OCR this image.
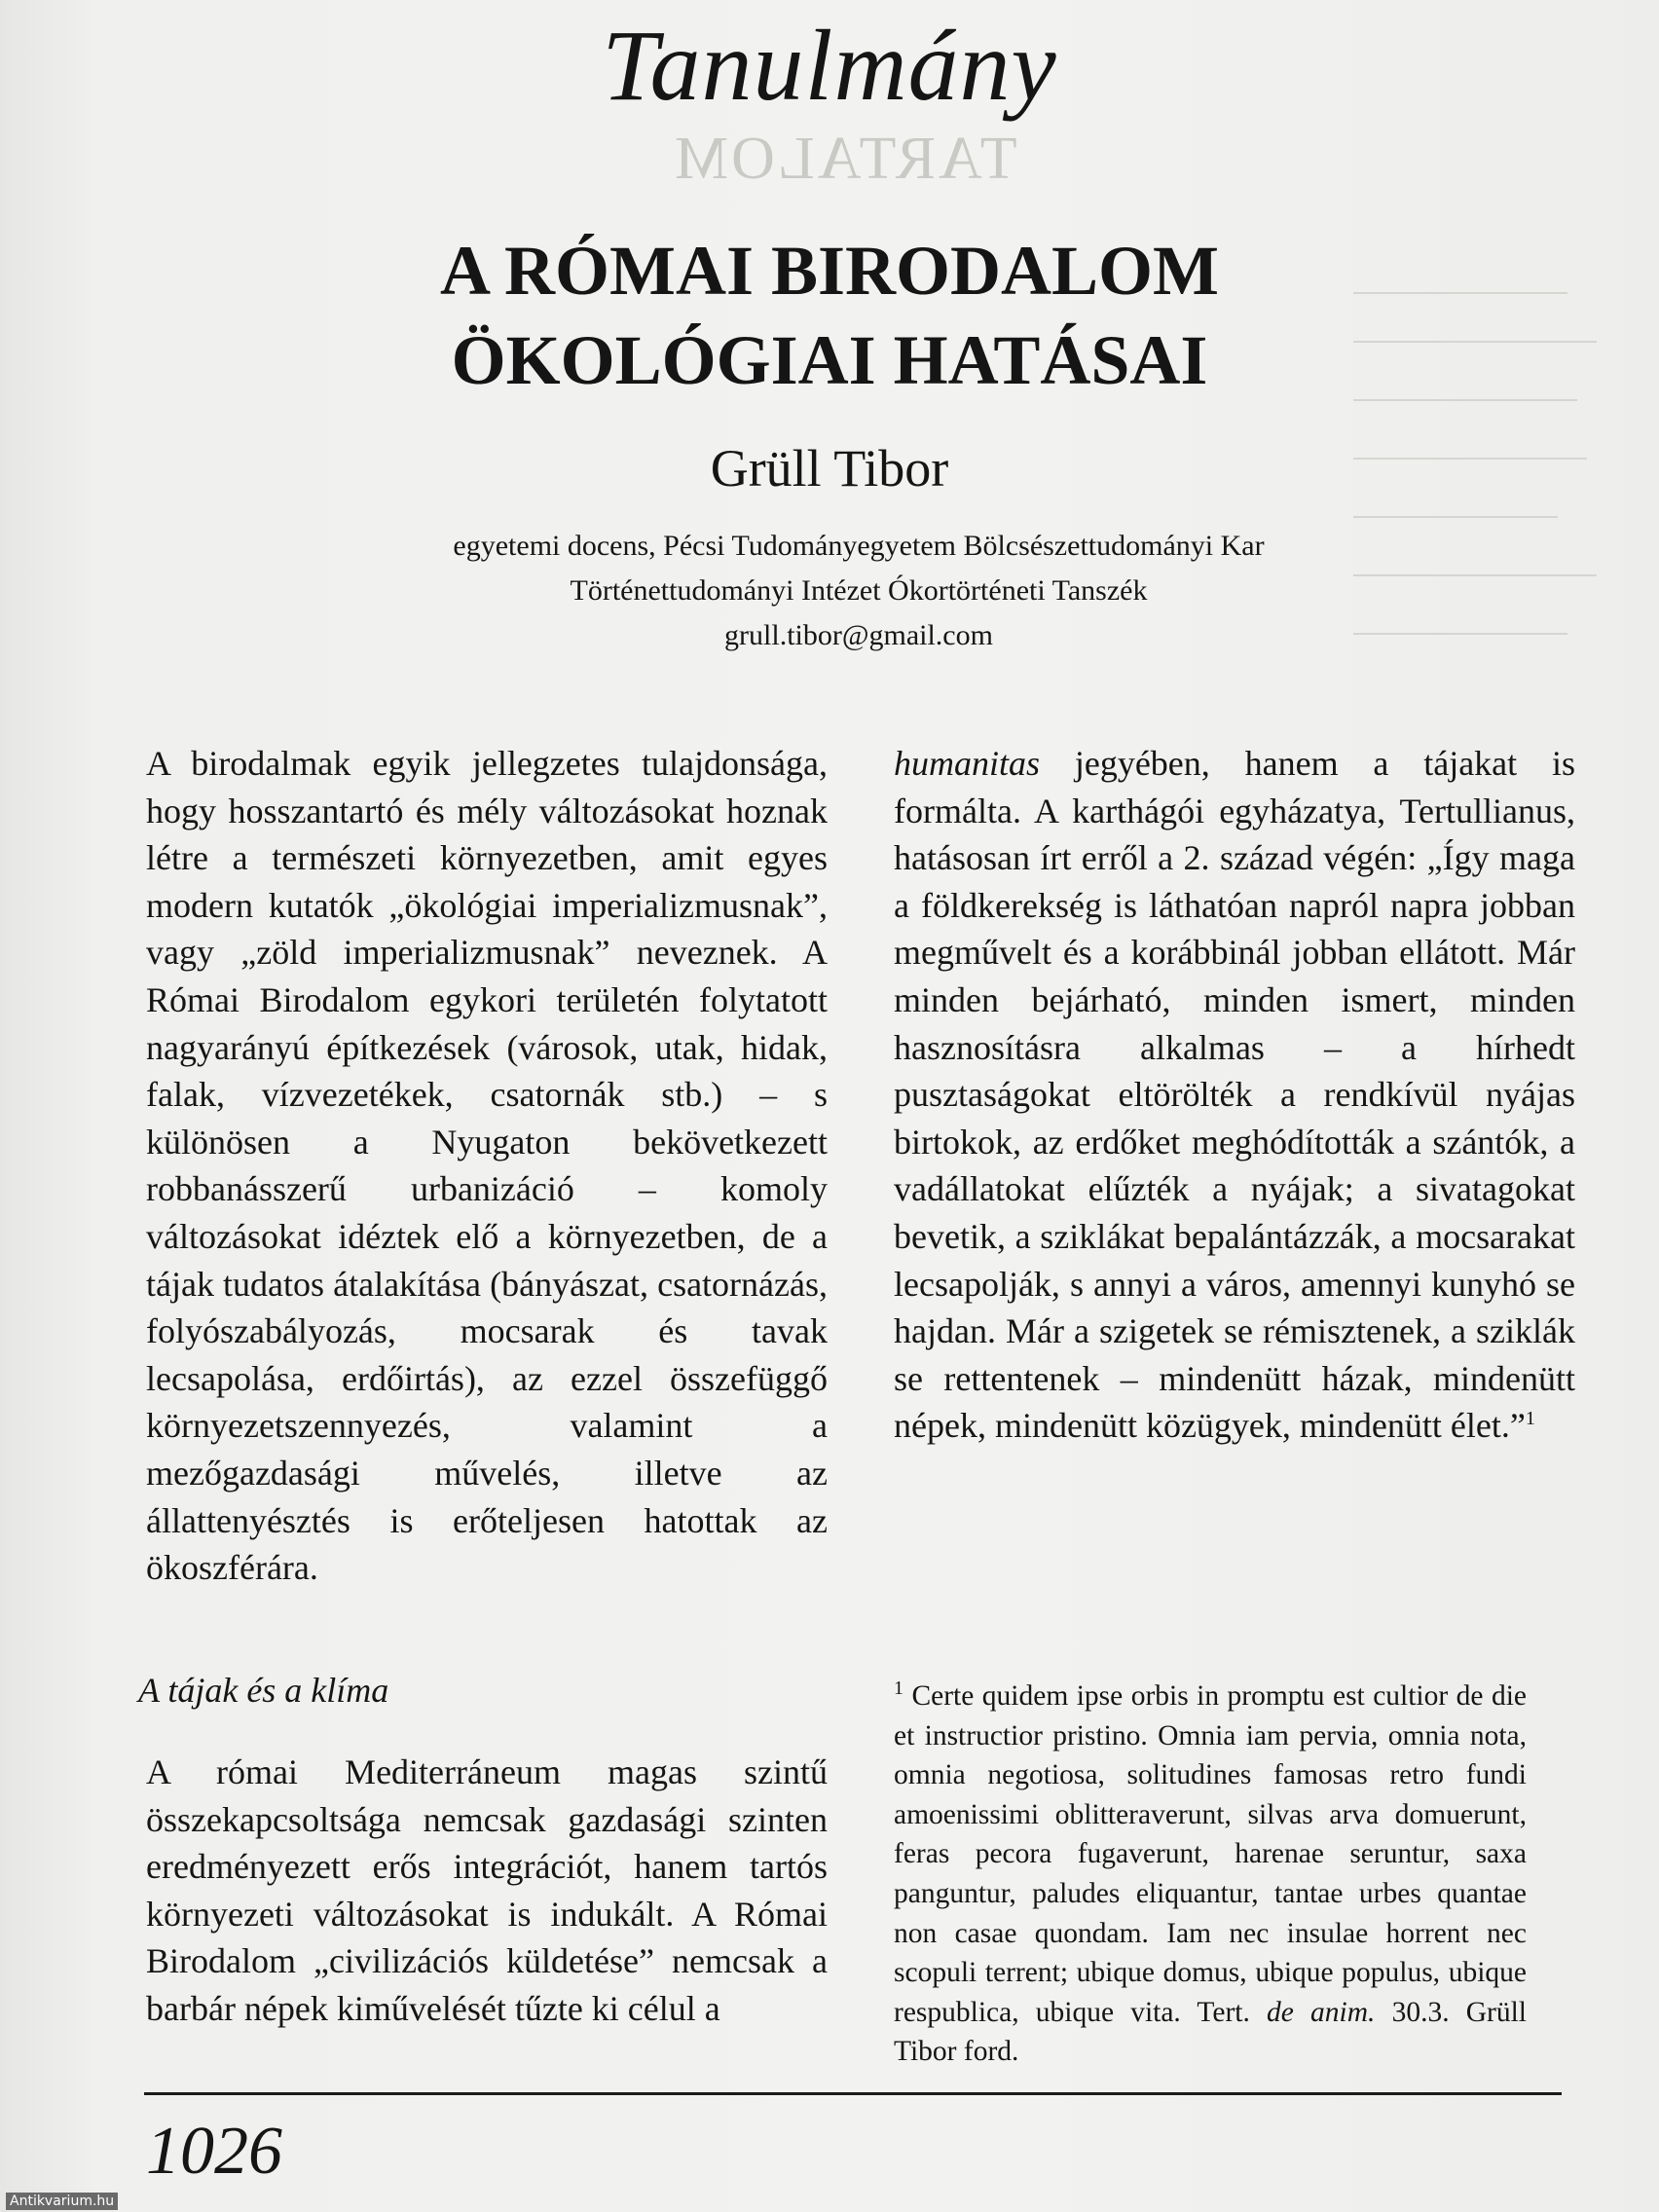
TARTALOM
Tanulmány
A RÓMAI BIRODALOM
ÖKOLÓGIAI HATÁSAI
Grüll Tibor
egyetemi docens, Pécsi Tudományegyetem Bölcsészettudományi Kar
Történettudományi Intézet Ókortörténeti Tanszék
grull.tibor@gmail.com

A birodalmak egyik jellegzetes tulajdonsága, hogy hosszantartó és mély változásokat hoznak létre a természeti környezetben, amit egyes modern kutatók „ökológiai imperializmusnak”, vagy „zöld imperializmusnak” neveznek. A Római Birodalom egykori területén folytatott nagyarányú építkezések (városok, utak, hidak, falak, vízvezetékek, csatornák stb.) – s különösen a Nyugaton bekövetkezett robbanásszerű urbanizáció – komoly változásokat idéztek elő a környezetben, de a tájak tudatos átalakítása (bányászat, csatornázás, folyószabályozás, mocsarak és tavak lecsapolása, erdőirtás), az ezzel összefüggő környezetszennyezés, valamint a mezőgazdasági művelés, illetve az állattenyésztés is erőteljesen hatottak az ökoszférára.

A tájak és a klíma

A római Mediterráneum magas szintű összekapcsoltsága nemcsak gazdasági szinten eredményezett erős integrációt, hanem tartós környezeti változásokat is indukált. A Római Birodalom „civilizációs küldetése” nemcsak a barbár népek kiművelését tűzte ki célul a

humanitas jegyében, hanem a tájakat is formálta. A karthágói egyházatya, Tertullianus, hatásosan írt erről a 2. század végén: „Így maga a földkerekség is láthatóan napról napra jobban megművelt és a korábbinál jobban ellátott. Már minden bejárható, minden ismert, minden hasznosításra alkalmas – a hírhedt pusztaságokat eltörölték a rendkívül nyájas birtokok, az erdőket meghódították a szántók, a vadállatokat elűzték a nyájak; a sivatagokat bevetik, a sziklákat bepalántázzák, a mocsarakat lecsapolják, s annyi a város, amennyi kunyhó se hajdan. Már a szigetek se rémisztenek, a sziklák se rettentenek – mindenütt házak, mindenütt népek, mindenütt közügyek, mindenütt élet.”$^1$

$^1$ Certe quidem ipse orbis in promptu est cultior de die et instructior pristino. Omnia iam pervia, omnia nota, omnia negotiosa, solitudines famosas retro fundi amoenissimi oblitteraverunt, silvas arva domuerunt, feras pecora fugaverunt, harenae seruntur, saxa panguntur, paludes eliquantur, tantae urbes quantae non casae quondam. Iam nec insulae horrent nec scopuli terrent; ubique domus, ubique populus, ubique respublica, ubique vita. Tert. de anim. 30.3. Grüll Tibor ford.

1026
Antikvarium.hu
